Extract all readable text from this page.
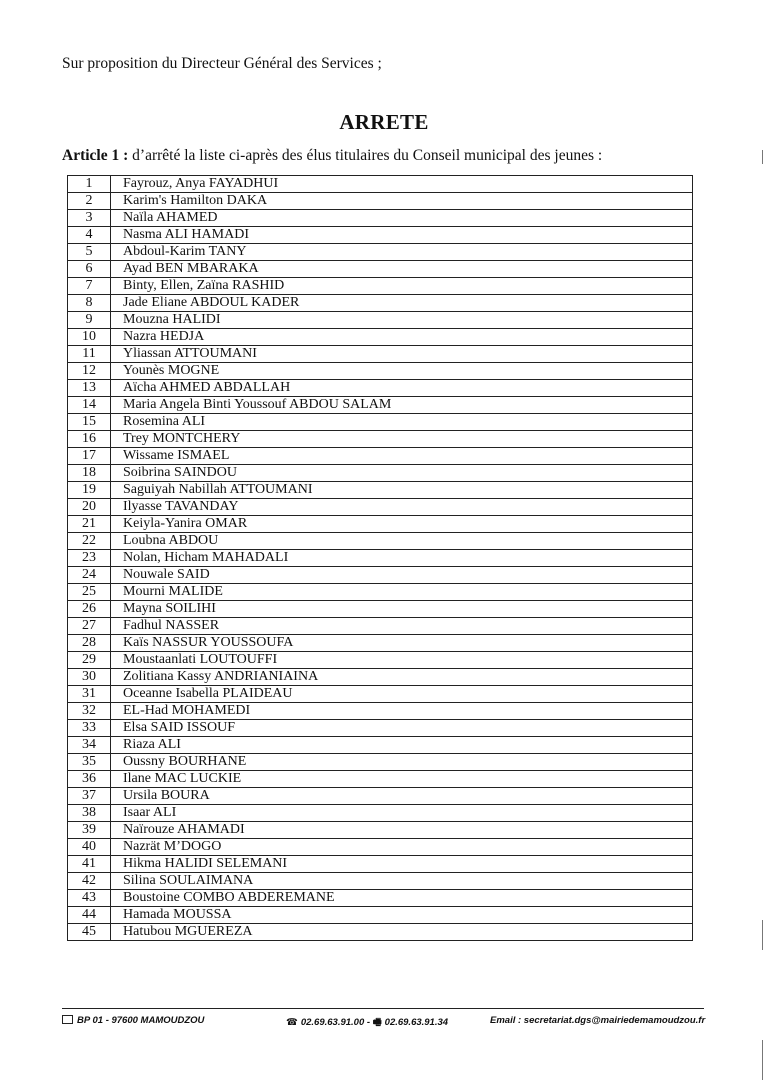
Sur proposition du Directeur Général des Services ;
ARRETE
Article 1 : d’arrêté la liste ci-après des élus titulaires du Conseil municipal des jeunes :
1	Fayrouz, Anya FAYADHUI
2	Karim's Hamilton DAKA
3	Naïla AHAMED
4	Nasma ALI HAMADI
5	Abdoul-Karim TANY
6	Ayad BEN MBARAKA
7	Binty, Ellen, Zaïna RASHID
8	Jade Eliane ABDOUL KADER
9	Mouzna HALIDI
10	Nazra HEDJA
11	Yliassan ATTOUMANI
12	Younès MOGNE
13	Aïcha AHMED ABDALLAH
14	Maria Angela Binti Youssouf ABDOU SALAM
15	Rosemina ALI
16	Trey MONTCHERY
17	Wissame ISMAEL
18	Soibrina SAINDOU
19	Saguiyah Nabillah ATTOUMANI
20	Ilyasse TAVANDAY
21	Keiyla-Yanira OMAR
22	Loubna ABDOU
23	Nolan, Hicham MAHADALI
24	Nouwale SAID
25	Mourni MALIDE
26	Mayna SOILIHI
27	Fadhul NASSER
28	Kaïs NASSUR YOUSSOUFA
29	Moustaanlati LOUTOUFFI
30	Zolitiana Kassy ANDRIANIAINA
31	Oceanne Isabella PLAIDEAU
32	EL-Had MOHAMEDI
33	Elsa SAID ISSOUF
34	Riaza ALI
35	Oussny BOURHANE
36	Ilane MAC LUCKIE
37	Ursila BOURA
38	Isaar ALI
39	Naïrouze AHAMADI
40	Nazrät M’DOGO
41	Hikma HALIDI SELEMANI
42	Silina SOULAIMANA
43	Boustoine COMBO ABDEREMANE
44	Hamada MOUSSA
45	Hatubou MGUEREZA
BP 01 - 97600 MAMOUDZOU	☎ 02.69.63.91.00 - 🖷 02.69.63.91.34	Email : secretariat.dgs@mairiedemamoudzou.fr
